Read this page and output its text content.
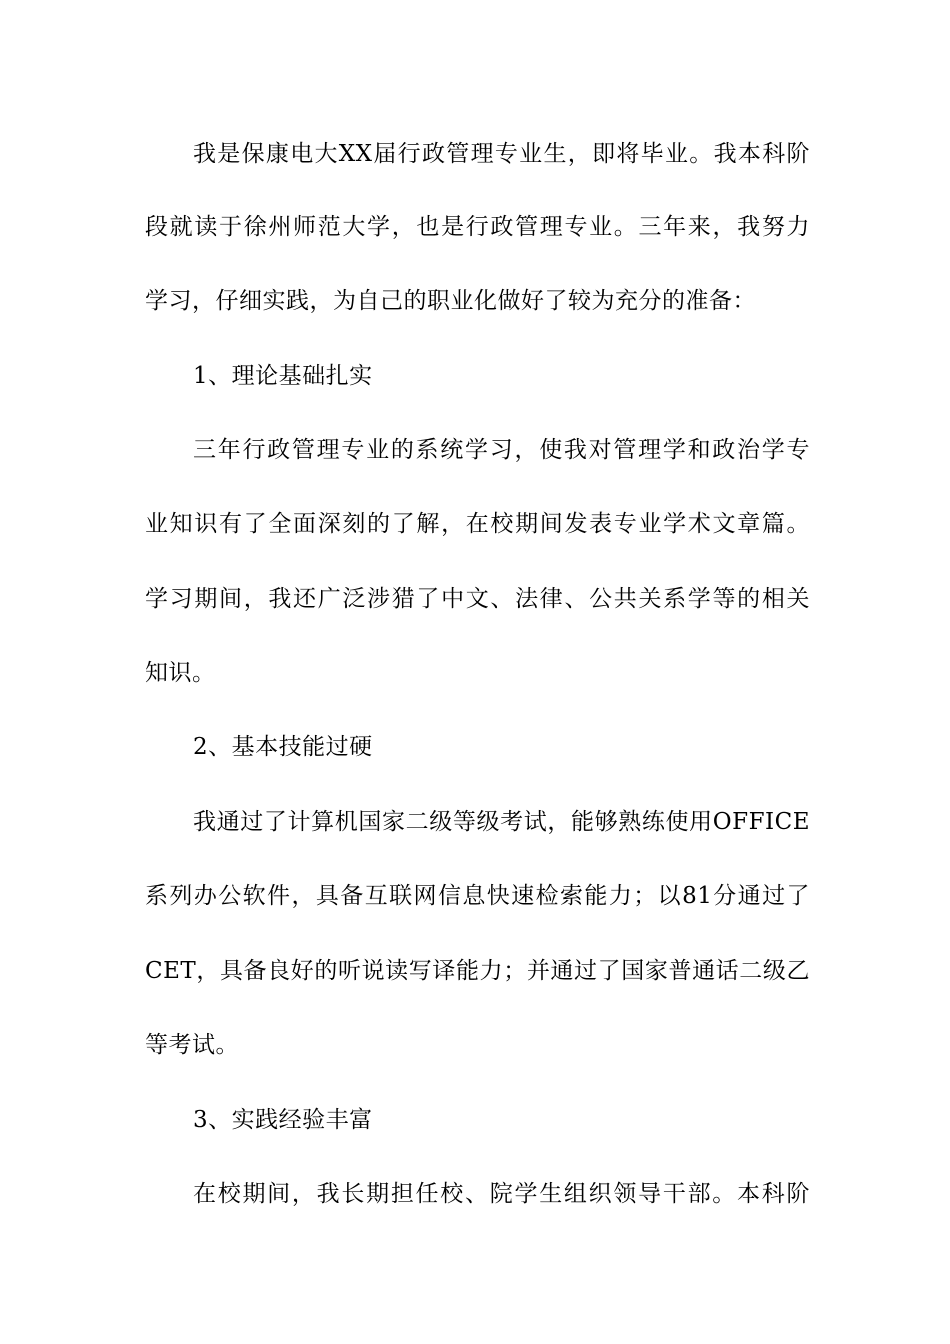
我是保康电大XX届行政管理专业生，即将毕业。我本科阶
段就读于徐州师范大学，也是行政管理专业。三年来，我努力
学习，仔细实践，为自己的职业化做好了较为充分的准备：
1、理论基础扎实
三年行政管理专业的系统学习，使我对管理学和政治学专
业知识有了全面深刻的了解，在校期间发表专业学术文章篇。
学习期间，我还广泛涉猎了中文、法律、公共关系学等的相关
知识。
2、基本技能过硬
我通过了计算机国家二级等级考试，能够熟练使用OFFICE
系列办公软件，具备互联网信息快速检索能力；以81分通过了
CET，具备良好的听说读写译能力；并通过了国家普通话二级乙
等考试。
3、实践经验丰富
在校期间，我长期担任校、院学生组织领导干部。本科阶
